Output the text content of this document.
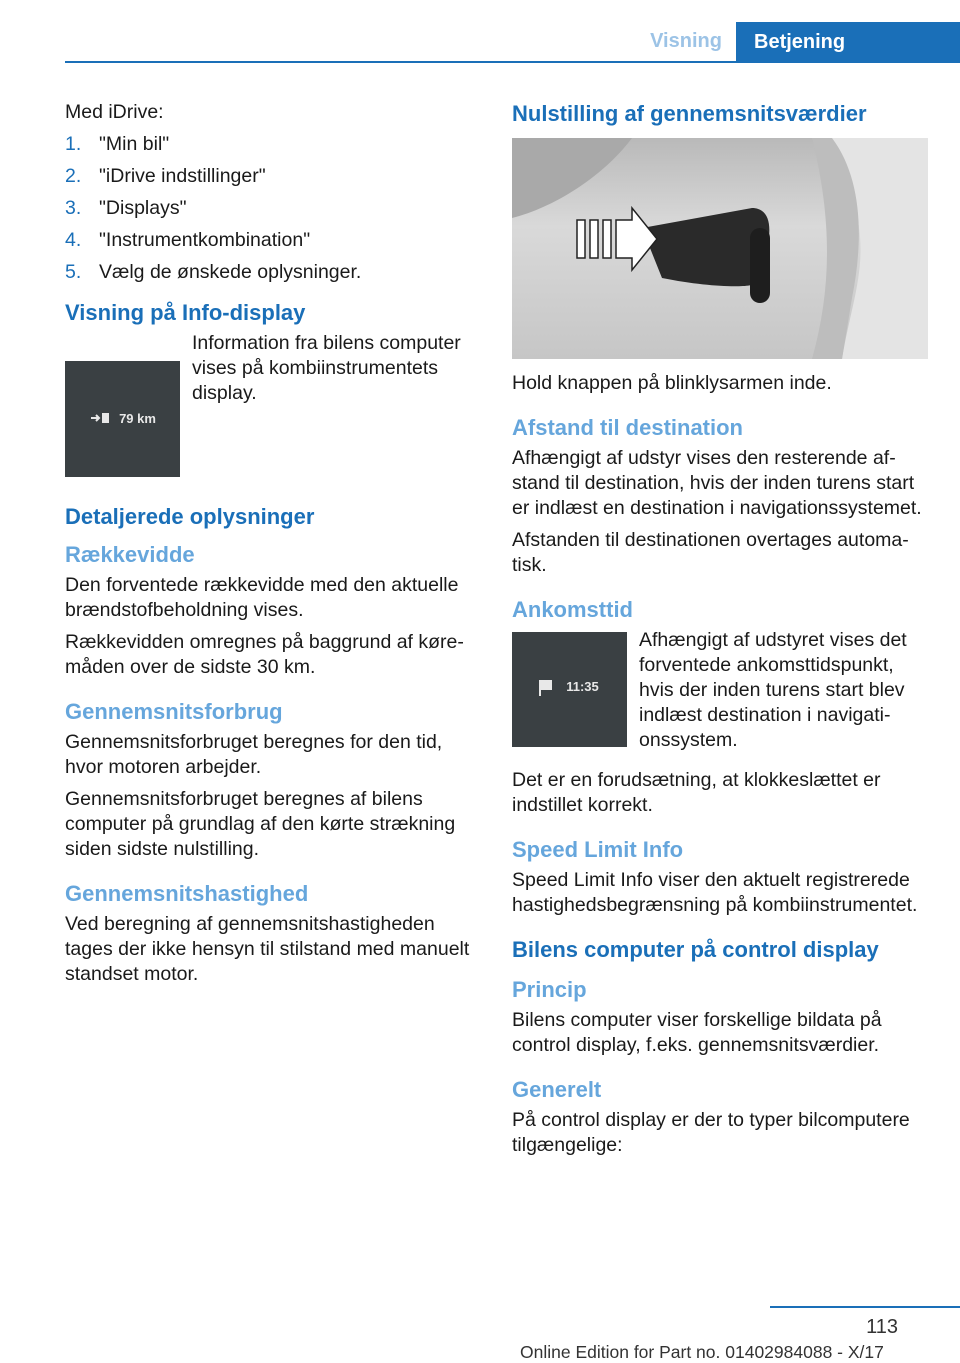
Visning	Betjening

Med iDrive:

1. "Min bil"
2. "iDrive indstillinger"
3. "Displays"
4. "Instrumentkombination"
5. Vælg de ønskede oplysninger.
Visning på Info-display
79 km

Information fra bilens computer vises på kombiinstrumentets display.

Detaljerede oplysninger
Rækkevidde

Den forventede rækkevidde med den aktuelle brændstofbeholdning vises.

Rækkevidden omregnes på baggrund af køremåden over de sidste 30 km.

Gennemsnitsforbrug

Gennemsnitsforbruget beregnes for den tid, hvor motoren arbejder.

Gennemsnitsforbruget beregnes af bilens computer på grundlag af den kørte strækning siden sidste nulstilling.

Gennemsnitshastighed

Ved beregning af gennemsnitshastigheden tages der ikke hensyn til stilstand med manuelt standset motor.

Nulstilling af gennemsnitsværdier

Hold knappen på blinklysarmen inde.

Afstand til destination

Afhængigt af udstyr vises den resterende afstand til destination, hvis der inden turens start er indlæst en destination i navigationssystemet.

Afstanden til destinationen overtages automatisk.

Ankomsttid
11:35

Afhængigt af udstyret vises det forventede ankomsttidspunkt, hvis der inden turens start blev indlæst destination i navigationssystem.

Det er en forudsætning, at klokkeslættet er indstillet korrekt.

Speed Limit Info

Speed Limit Info viser den aktuelt registrerede hastighedsbegrænsning på kombiinstrumentet.

Bilens computer på control display
Princip

Bilens computer viser forskellige bildata på control display, f.eks. gennemsnitsværdier.

Generelt

På control display er der to typer bilcomputere tilgængelige:

113
Online Edition for Part no. 01402984088 - X/17
